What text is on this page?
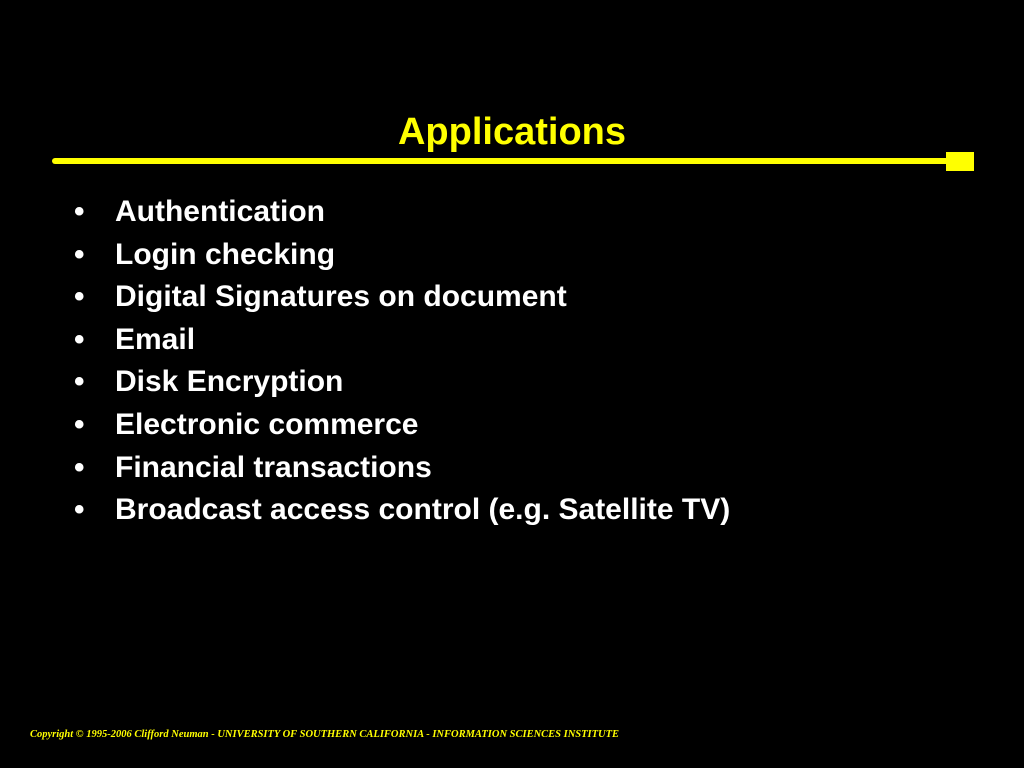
Applications
•	Authentication
•	Login checking
•	Digital Signatures on document
•	Email
•	Disk Encryption
•	Electronic commerce
•	Financial transactions
•	Broadcast access control (e.g. Satellite TV)
Copyright © 1995-2006 Clifford Neuman - UNIVERSITY OF SOUTHERN CALIFORNIA - INFORMATION SCIENCES INSTITUTE
